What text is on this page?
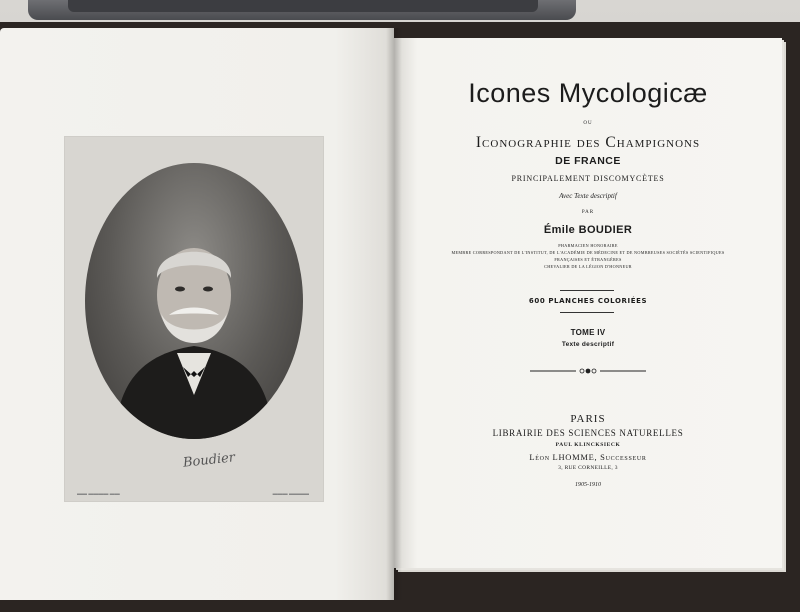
Boudier
▬▬ ▬▬▬▬ ▬▬	▬▬▬ ▬▬▬▬
Icones Mycologicæ
OU
Iconographie des Champignons
DE FRANCE
PRINCIPALEMENT DISCOMYCÈTES
Avec Texte descriptif
PAR
Émile BOUDIER
PHARMACIEN HONORAIRE
MEMBRE CORRESPONDANT DE L'INSTITUT, DE L'ACADÉMIE DE MÉDECINE ET DE NOMBREUSES SOCIÉTÉS SCIENTIFIQUES
FRANÇAISES ET ÉTRANGÈRES
CHEVALIER DE LA LÉGION D'HONNEUR
600 PLANCHES COLORIÉES
TOME IV
Texte descriptif
PARIS
LIBRAIRIE DES SCIENCES NATURELLES
PAUL KLINCKSIECK
Léon LHOMME, Successeur
3, RUE CORNEILLE, 3
1905-1910
